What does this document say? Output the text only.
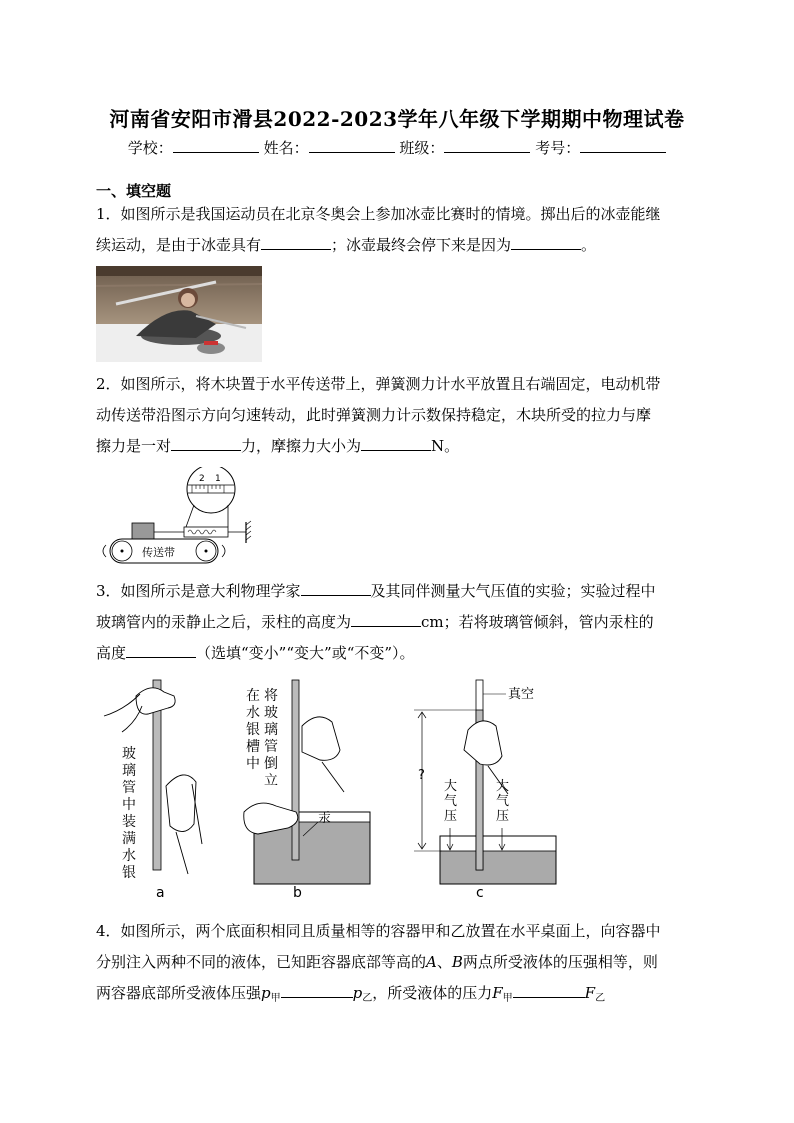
河南省安阳市滑县2022-2023学年八年级下学期期中物理试卷
学校：	姓名：	班级：	考号：
一、填空题
1．如图所示是我国运动员在北京冬奥会上参加冰壶比赛时的情境。掷出后的冰壶能继
续运动，是由于冰壶具有	；冰壶最终会停下来是因为	。
2．如图所示，将木块置于水平传送带上，弹簧测力计水平放置且右端固定，电动机带
动传送带沿图示方向匀速转动，此时弹簧测力计示数保持稳定，木块所受的拉力与摩
擦力是一对	力，摩擦力大小为	N。
2 1
传送带
3．如图所示是意大利物理学家	及其同伴测量大气压值的实验；实验过程中
玻璃管内的汞静止之后，汞柱的高度为	cm；若将玻璃管倾斜，管内汞柱的
高度	（选填“变小”“变大”或“不变”）。
玻
璃
管
中
装
满
水
银
a
汞
在
水
银
槽
中
将
玻
璃
管
倒
立
b
真空
?
大
气
压
大
气
压
c
4．如图所示，两个底面积相同且质量相等的容器甲和乙放置在水平桌面上，向容器中
分别注入两种不同的液体，已知距容器底部等高的A、B两点所受液体的压强相等，则
两容器底部所受液体压强$p_甲$	$p_乙$，所受液体的压力$F_甲$	$F_乙$
